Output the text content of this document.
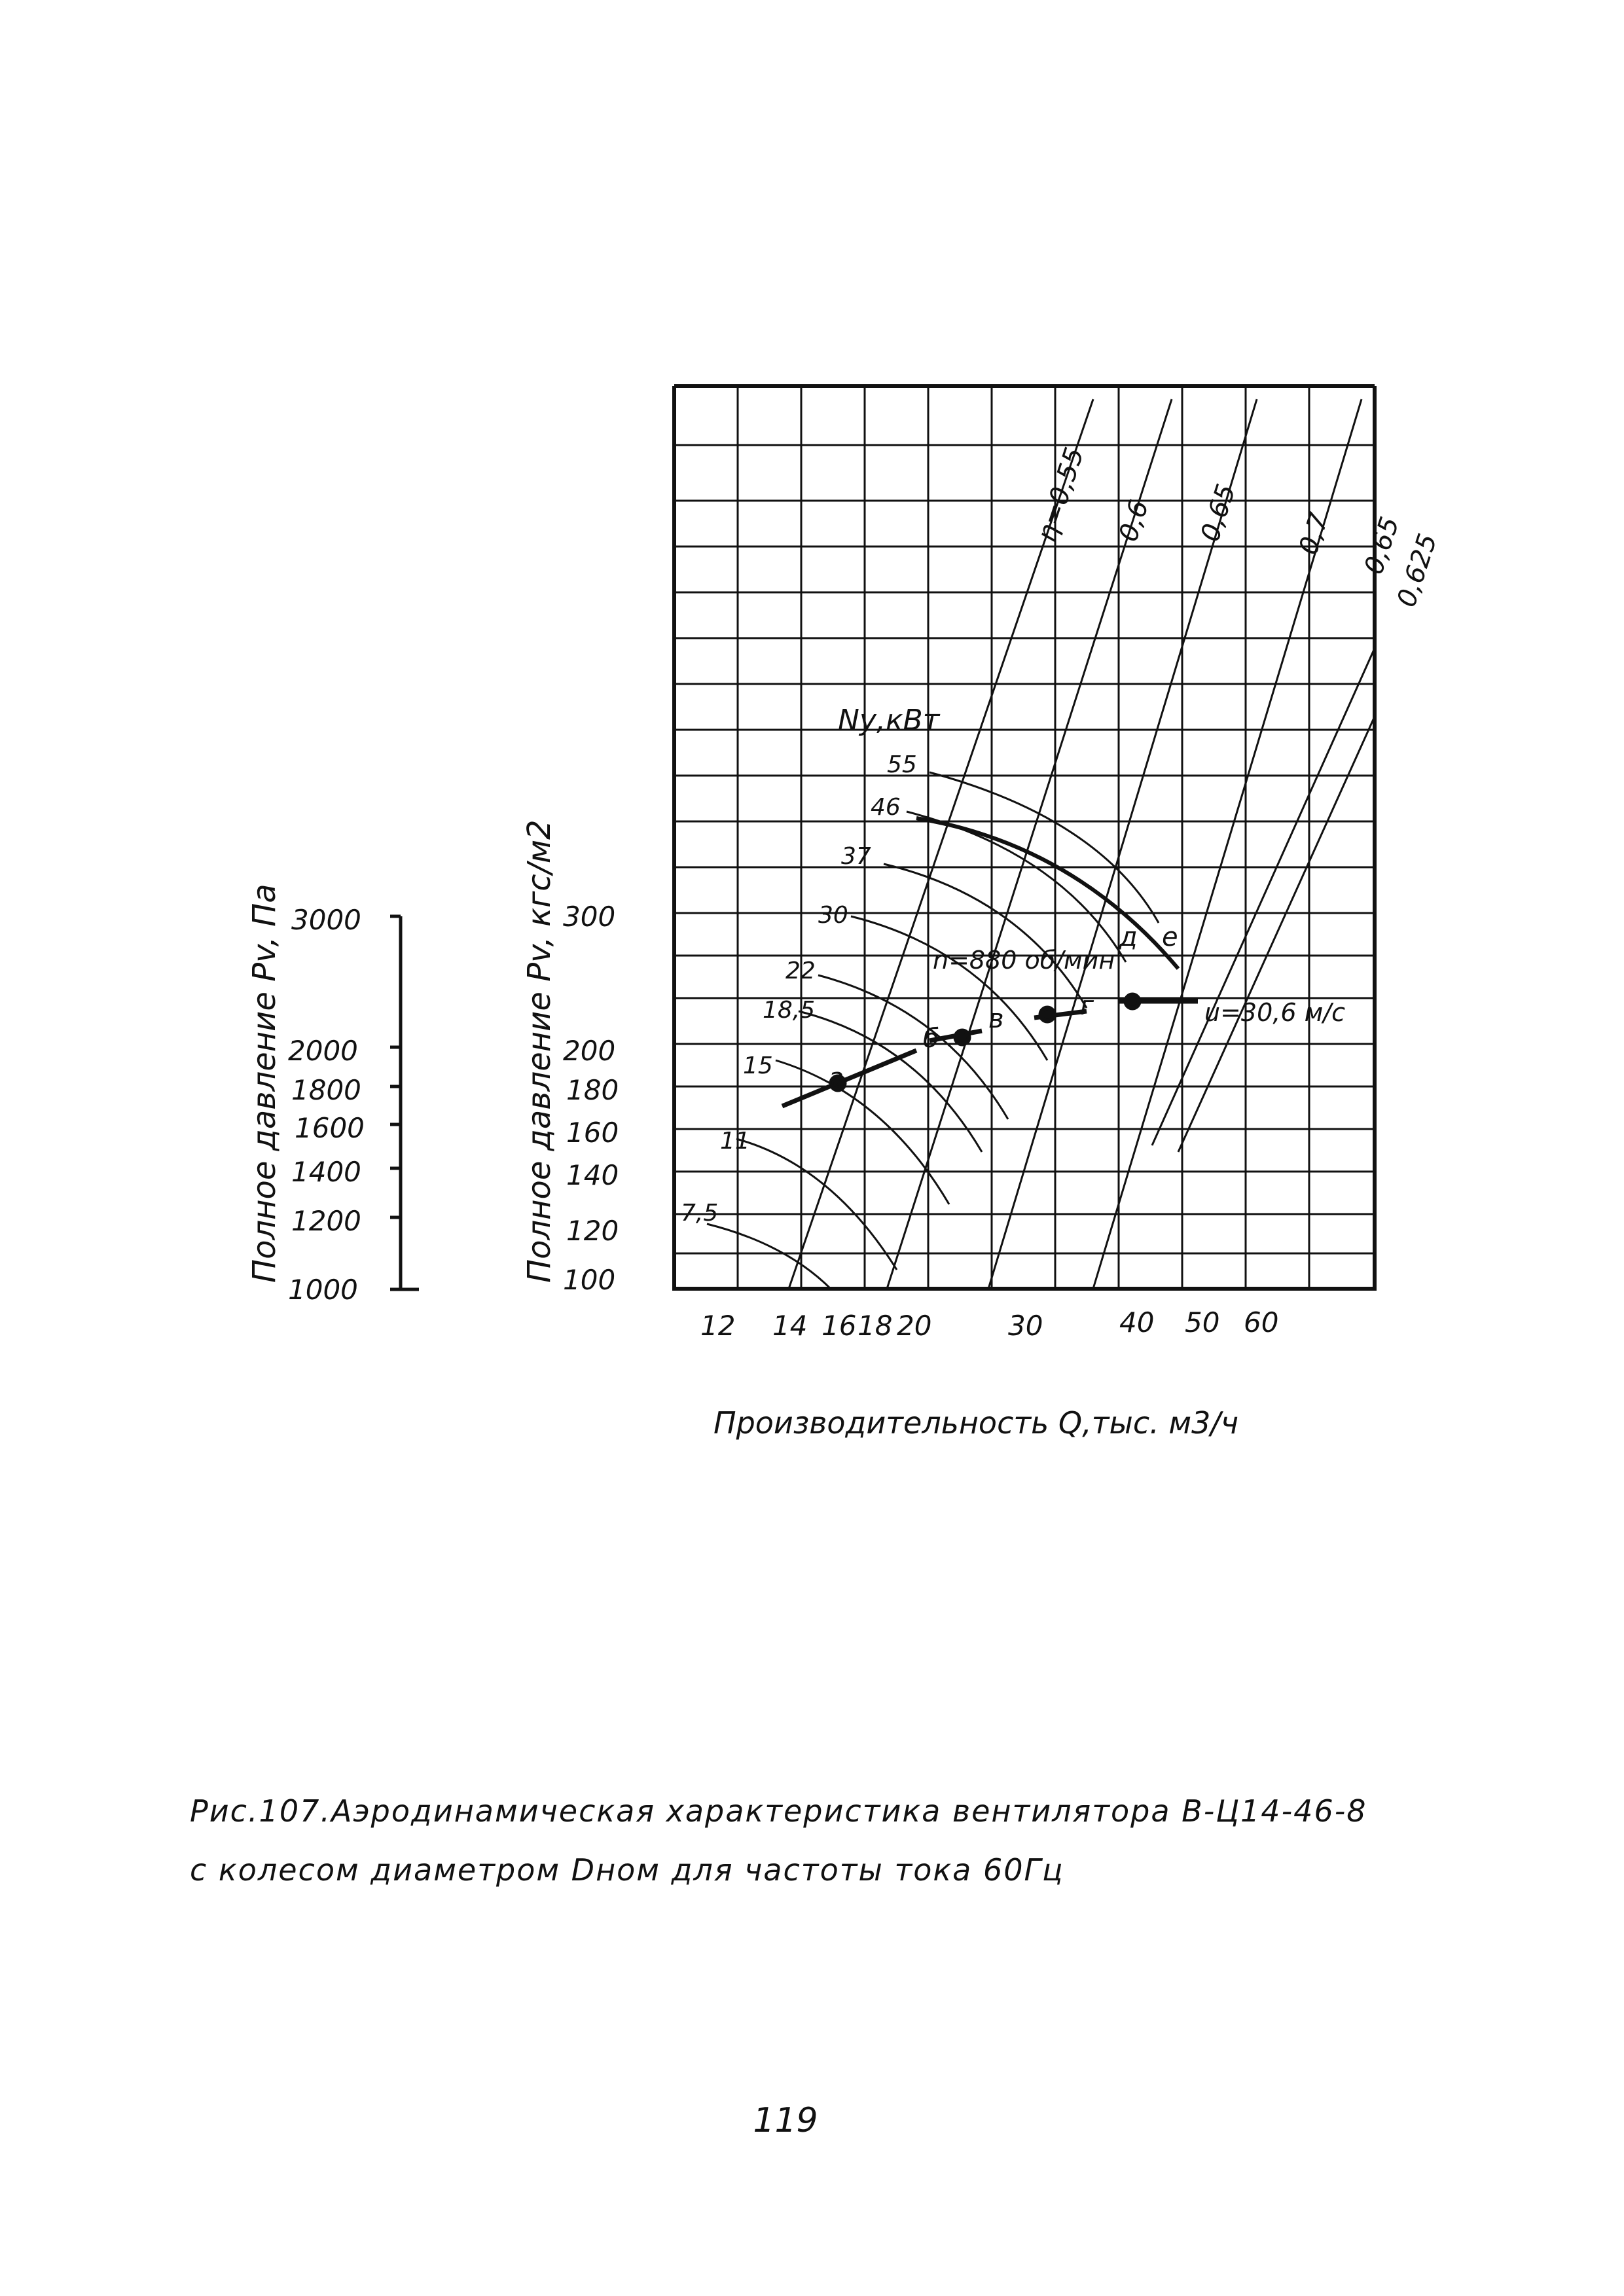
η=0,55 0,6 0,65 0,7 0,65
0,625
Nу,кВт
55
46
37
30
22
18,5
15
11
7,5
а
б
в	г
д е
n=880 об/мин
u=30,6 м/с
12 14 16 18 20	30	40 50 60
Производительность Q,тыс. м3/ч
100
120
140
160
180
200
300
Полное давление Pv, кгс/м2
1000
1200
1400
1600
1800
2000
3000
Полное давление Pv, Па
Рис.107.Аэродинамическая характеристика вентилятора В-Ц14-46-8
с колесом диаметром Dном для частоты тока 60Гц
119
